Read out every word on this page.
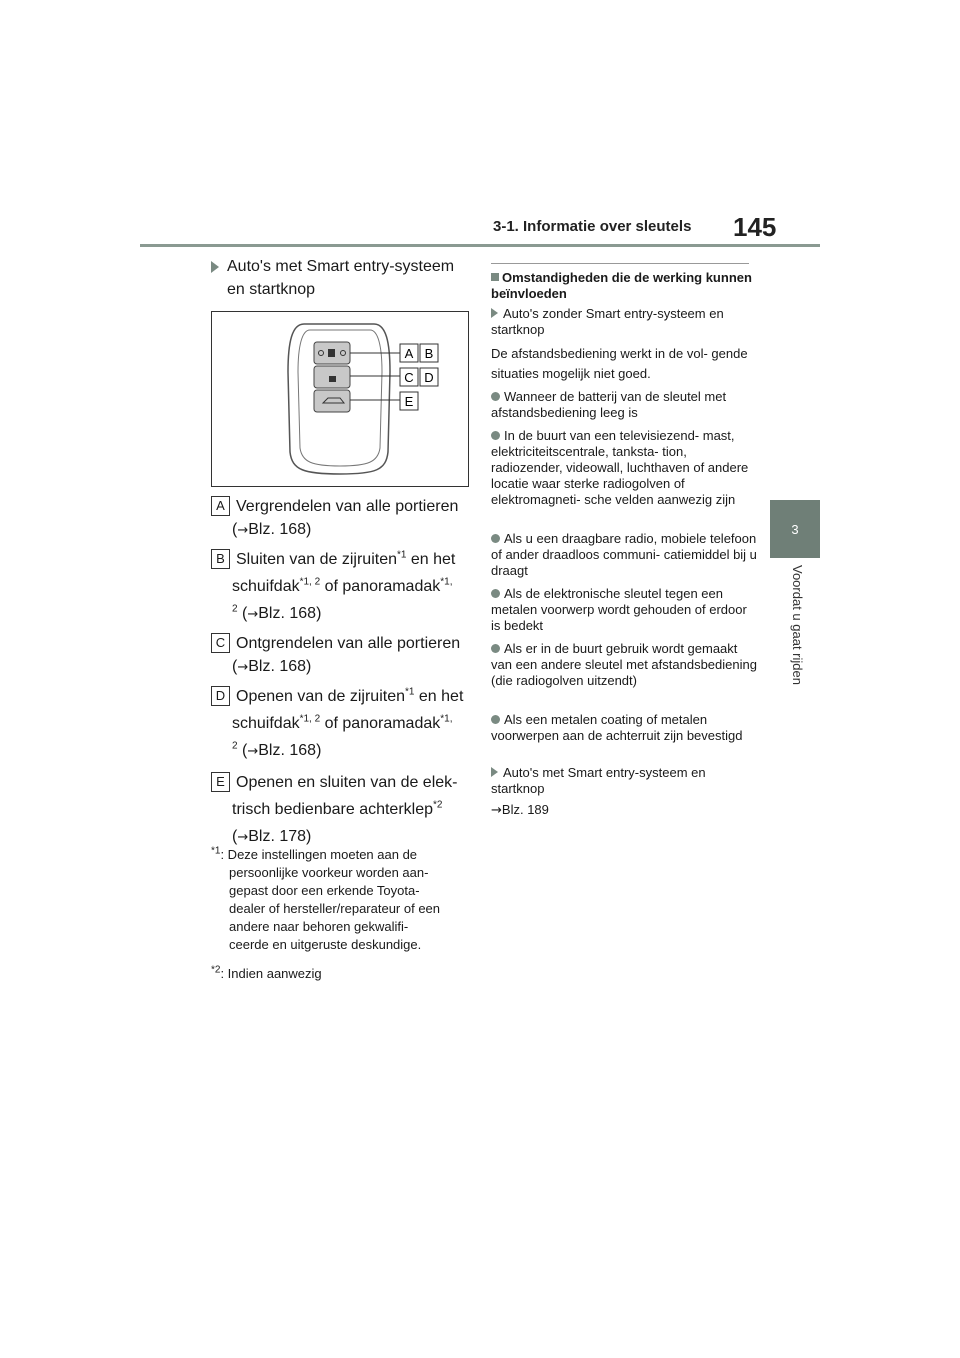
3-1. Informatie over sleutels 145
3
Voordat u gaat rijden
Auto's met Smart entry-systeem
en startknop
A B
C D
E
A Vergrendelen van alle portieren
(→Blz. 168)
B Sluiten van de zijruiten$^{*1}$ en het
schuifdak$^{*1, 2}$ of panoramadak$^{*1,}$
$^2$ (→Blz. 168)
C Ontgrendelen van alle portieren
(→Blz. 168)
D Openen van de zijruiten$^{*1}$ en het
schuifdak$^{*1, 2}$ of panoramadak$^{*1,}$
$^2$ (→Blz. 168)
E Openen en sluiten van de elek-
trisch bedienbare achterklep$^{*2}$
(→Blz. 178)
$^{*1}$: Deze instellingen moeten aan de
persoonlijke voorkeur worden aan-
gepast door een erkende Toyota-
dealer of hersteller/reparateur of een
andere naar behoren gekwalifi-
ceerde en uitgeruste deskundige.
$^{*2}$: Indien aanwezig
Omstandigheden die de werking kunnen beïnvloeden
Auto's zonder Smart entry-systeem en startknop
De afstandsbediening werkt in de vol- gende situaties mogelijk niet goed.
Wanneer de batterij van de sleutel met afstandsbediening leeg is
In de buurt van een televisiezend- mast, elektriciteitscentrale, tanksta- tion, radiozender, videowall, luchthaven of andere locatie waar sterke radiogolven of elektromagneti- sche velden aanwezig zijn
Als u een draagbare radio, mobiele telefoon of ander draadloos communi- catiemiddel bij u draagt
Als de elektronische sleutel tegen een metalen voorwerp wordt gehouden of erdoor is bedekt
Als er in de buurt gebruik wordt gemaakt van een andere sleutel met afstandsbediening (die radiogolven uitzendt)
Als een metalen coating of metalen voorwerpen aan de achterruit zijn bevestigd
Auto's met Smart entry-systeem en startknop
→Blz. 189
